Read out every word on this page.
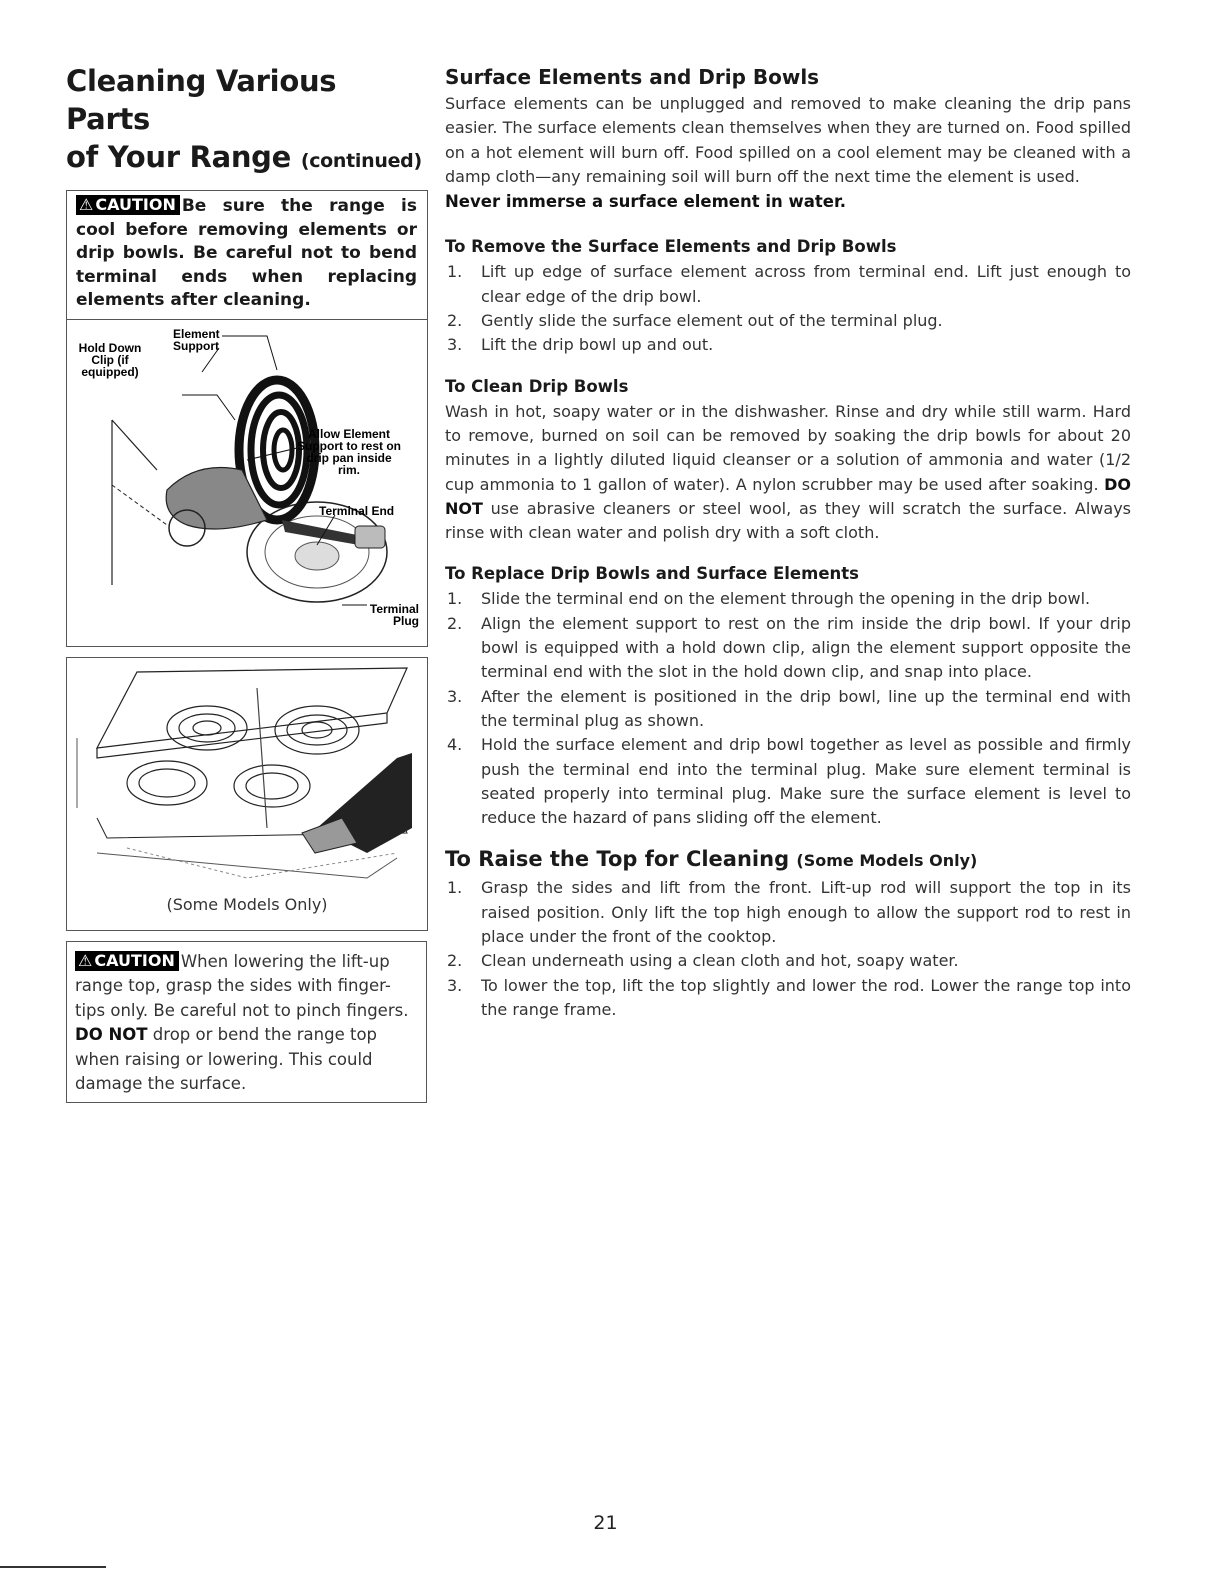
Cleaning Various Parts
of Your Range (continued)
⚠ CAUTION Be sure the range is cool before removing elements or drip bowls. Be careful not to bend terminal ends when replacing elements after cleaning.
Element Support
Hold Down Clip (if equipped)
Allow Element Support to rest on drip pan inside rim.
Terminal End
Terminal Plug
(Some Models Only)
⚠ CAUTION When lowering the lift-up range top, grasp the sides with finger-tips only. Be careful not to pinch fingers. DO NOT drop or bend the range top when raising or lowering. This could damage the surface.
Surface Elements and Drip Bowls

Surface elements can be unplugged and removed to make cleaning the drip pans easier. The surface elements clean themselves when they are turned on. Food spilled on a hot element will burn off. Food spilled on a cool element may be cleaned with a damp cloth—any remaining soil will burn off the next time the element is used.

Never immerse a surface element in water.

To Remove the Surface Elements and Drip Bowls
1. Lift up edge of surface element across from terminal end. Lift just enough to clear edge of the drip bowl.
2. Gently slide the surface element out of the terminal plug.
3. Lift the drip bowl up and out.
To Clean Drip Bowls

Wash in hot, soapy water or in the dishwasher. Rinse and dry while still warm. Hard to remove, burned on soil can be removed by soaking the drip bowls for about 20 minutes in a lightly diluted liquid cleanser or a solution of ammonia and water (1/2 cup ammonia to 1 gallon of water). A nylon scrubber may be used after soaking. DO NOT use abrasive cleaners or steel wool, as they will scratch the surface. Always rinse with clean water and polish dry with a soft cloth.

To Replace Drip Bowls and Surface Elements
1. Slide the terminal end on the element through the opening in the drip bowl.
2. Align the element support to rest on the rim inside the drip bowl. If your drip bowl is equipped with a hold down clip, align the element support opposite the terminal end with the slot in the hold down clip, and snap into place.
3. After the element is positioned in the drip bowl, line up the terminal end with the terminal plug as shown.
4. Hold the surface element and drip bowl together as level as possible and firmly push the terminal end into the terminal plug. Make sure element terminal is seated properly into terminal plug. Make sure the surface element is level to reduce the hazard of pans sliding off the element.
To Raise the Top for Cleaning (Some Models Only)
1. Grasp the sides and lift from the front. Lift-up rod will support the top in its raised position. Only lift the top high enough to allow the support rod to rest in place under the front of the cooktop.
2. Clean underneath using a clean cloth and hot, soapy water.
3. To lower the top, lift the top slightly and lower the rod. Lower the range top into the range frame.
21
